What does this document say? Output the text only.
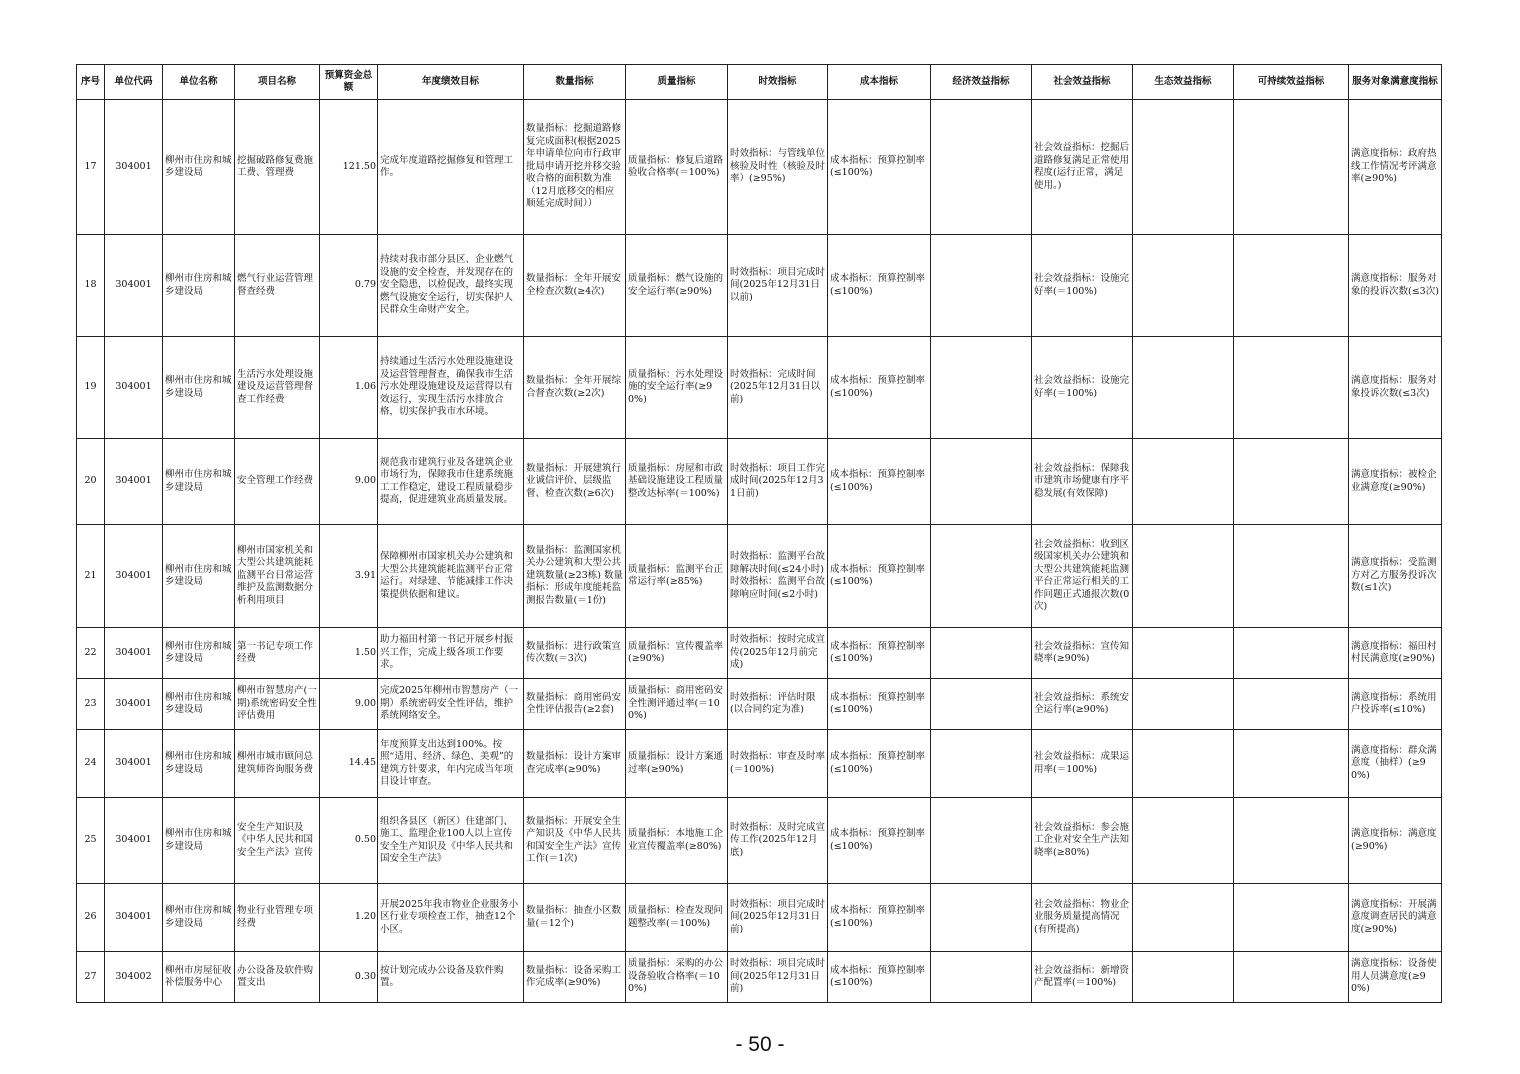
序号	单位代码	单位名称	项目名称	预算资金总额	年度绩效目标	数量指标	质量指标	时效指标	成本指标	经济效益指标	社会效益指标	生态效益指标	可持续效益指标	服务对象满意度指标
17	304001	柳州市住房和城乡建设局	挖掘破路修复费施工费、管理费	121.50	完成年度道路挖掘修复和管理工作。	数量指标：挖掘道路修复完成面积(根据2025年申请单位向市行政审批局申请开挖并移交验收合格的面积数为准（12月底移交的相应顺延完成时间））	质量指标：修复后道路验收合格率(＝100%)	时效指标：与管线单位核验及时性（核验及时率）(≥95%)	成本指标：预算控制率(≤100%)		社会效益指标：挖掘后道路修复满足正常使用程度(运行正常，满足使用。)			满意度指标：政府热线工作情况考评满意率(≥90%)
18	304001	柳州市住房和城乡建设局	燃气行业运营管理督查经费	0.79	持续对我市部分县区、企业燃气设施的安全检查，并发现存在的安全隐患，以检促改，最终实现燃气设施安全运行，切实保护人民群众生命财产安全。	数量指标：全年开展安全检查次数(≥4次)	质量指标：燃气设施的安全运行率(≥90%)	时效指标：项目完成时间(2025年12月31日以前)	成本指标：预算控制率(≤100%)		社会效益指标：设施完好率(＝100%)			满意度指标：服务对象的投诉次数(≤3次)
19	304001	柳州市住房和城乡建设局	生活污水处理设施建设及运营管理督查工作经费	1.06	持续通过生活污水处理设施建设及运营管理督查，确保我市生活污水处理设施建设及运营得以有效运行，实现生活污水排放合格，切实保护我市水环境。	数量指标：全年开展综合督查次数(≥2次)	质量指标：污水处理设施的安全运行率(≥90%)	时效指标：完成时间(2025年12月31日以前)	成本指标：预算控制率(≤100%)		社会效益指标：设施完好率(＝100%)			满意度指标：服务对象投诉次数(≤3次)
20	304001	柳州市住房和城乡建设局	安全管理工作经费	9.00	规范我市建筑行业及各建筑企业市场行为，保障我市住建系统施工工作稳定，建设工程质量稳步提高，促进建筑业高质量发展。	数量指标：开展建筑行业诚信评价、层级监督、检查次数(≥6次)	质量指标：房屋和市政基础设施建设工程质量整改达标率(＝100%)	时效指标：项目工作完成时间(2025年12月31日前)	成本指标：预算控制率(≤100%)		社会效益指标：保障我市建筑市场健康有序平稳发展(有效保障)			满意度指标：被检企业满意度(≥90%)
21	304001	柳州市住房和城乡建设局	柳州市国家机关和大型公共建筑能耗监测平台日常运营维护及监测数据分析利用项目	3.91	保障柳州市国家机关办公建筑和大型公共建筑能耗监测平台正常运行。对绿建、节能减排工作决策提供依据和建议。	数量指标：监测国家机关办公建筑和大型公共建筑数量(≥23栋) 数量指标：形成年度能耗监测报告数量(＝1份)	质量指标：监测平台正常运行率(≥85%)	时效指标：监测平台故障解决时间(≤24小时) 时效指标：监测平台故障响应时间(≤2小时)	成本指标：预算控制率(≤100%)		社会效益指标：收到区级国家机关办公建筑和大型公共建筑能耗监测平台正常运行相关的工作问题正式通报次数(0次)			满意度指标：受监测方对乙方服务投诉次数(≤1次)
22	304001	柳州市住房和城乡建设局	第一书记专项工作经费	1.50	助力福田村第一书记开展乡村振兴工作，完成上级各项工作要求。	数量指标：进行政策宣传次数(＝3次)	质量指标：宣传覆盖率(≥90%)	时效指标：按时完成宣传(2025年12月前完成)	成本指标：预算控制率(≤100%)		社会效益指标：宣传知晓率(≥90%)			满意度指标：福田村村民满意度(≥90%)
23	304001	柳州市住房和城乡建设局	柳州市智慧房产(一期)系统密码安全性评估费用	9.00	完成2025年柳州市智慧房产（一期）系统密码安全性评估，维护系统网络安全。	数量指标：商用密码安全性评估报告(≥2套)	质量指标：商用密码安全性测评通过率(＝100%)	时效指标：评估时限(以合同约定为准)	成本指标：预算控制率(≤100%)		社会效益指标：系统安全运行率(≥90%)			满意度指标：系统用户投诉率(≤10%)
24	304001	柳州市住房和城乡建设局	柳州市城市顾问总建筑师咨询服务费	14.45	年度预算支出达到100%。按照“适用、经济、绿色、美观”的建筑方针要求，年内完成当年项目设计审查。	数量指标：设计方案审查完成率(≥90%)	质量指标：设计方案通过率(≥90%)	时效指标：审查及时率(＝100%)	成本指标：预算控制率(≤100%)		社会效益指标：成果运用率(＝100%)			满意度指标：群众满意度（抽样）(≥90%)
25	304001	柳州市住房和城乡建设局	安全生产知识及《中华人民共和国安全生产法》宣传	0.50	组织各县区（新区）住建部门、施工、监理企业100人以上宣传安全生产知识及《中华人民共和国安全生产法》	数量指标：开展安全生产知识及《中华人民共和国安全生产法》宣传工作(＝1次)	质量指标：本地施工企业宣传覆盖率(≥80%)	时效指标：及时完成宣传工作(2025年12月底)	成本指标：预算控制率(≤100%)		社会效益指标：参会施工企业对安全生产法知晓率(≥80%)			满意度指标：满意度(≥90%)
26	304001	柳州市住房和城乡建设局	物业行业管理专项经费	1.20	开展2025年我市物业企业服务小区行业专项检查工作，抽查12个小区。	数量指标：抽查小区数量(＝12个)	质量指标：检查发现问题整改率(＝100%)	时效指标：项目完成时间(2025年12月31日前)	成本指标：预算控制率(≤100%)		社会效益指标：物业企业服务质量提高情况(有所提高)			满意度指标：开展满意度调查居民的满意度(≥90%)
27	304002	柳州市房屋征收补偿服务中心	办公设备及软件购置支出	0.30	按计划完成办公设备及软件购置。	数量指标：设备采购工作完成率(≥90%)	质量指标：采购的办公设备验收合格率(＝100%)	时效指标：项目完成时间(2025年12月31日前)	成本指标：预算控制率(≤100%)		社会效益指标：新增资产配置率(＝100%)			满意度指标：设备使用人员满意度(≥90%)
- 50 -
